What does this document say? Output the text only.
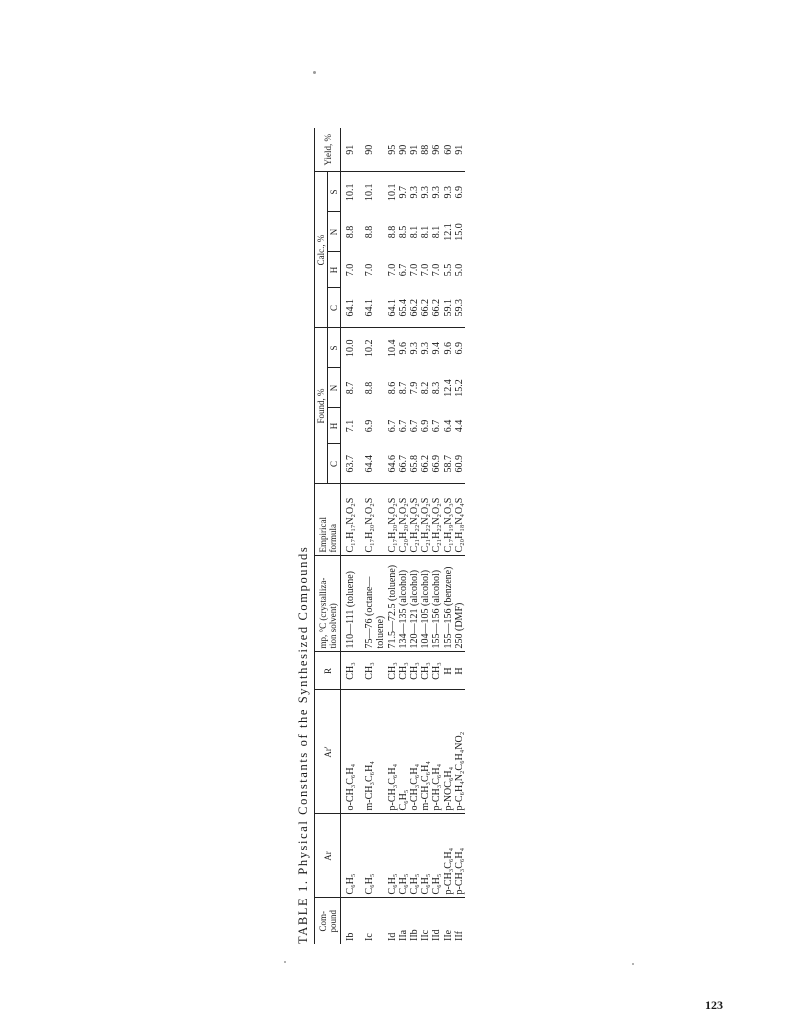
TABLE 1. Physical Constants of the Synthesized Compounds Com-
pound	Ar	Ar'	R	mp, °C (crystalliza-
tion solvent)	Empirical
formula	Found, %				Calc., %				Yield, %
						C	H	N	S	C	H	N	S	
Ib	C₆H₅	o-CH₃C₆H₄	CH₃	110—111 (toluene)	C₁₇H₁₇N₂O₂S	63.7	7.1	8.7	10.0	64.1	7.0	8.8	10.1	91
Ic	C₆H₅	m-CH₃C₆H₄	CH₃	75—76 (octane—
toluene)	C₁₇H₂₀N₂O₂S	64.4	6.9	8.8	10.2	64.1	7.0	8.8	10.1	90
Id	C₆H₅	p-CH₃C₆H₄	CH₃	71.5—72.5 (toluene)	C₁₇H₂₀N₂O₂S	64.6	6.7	8.6	10.4	64.1	7.0	8.8	10.1	95
IIa	C₆H₅	C₆H₅	CH₃	134—135 (alcohol)	C₂₀H₂₀N₂O₂S	66.7	6.7	8.7	9.6	65.4	6.7	8.5	9.7	90
IIb	C₆H₅	o-CH₃C₆H₄	CH₃	120—121 (alcohol)	C₂₁H₂₂N₂O₂S	65.8	6.7	7.9	9.3	66.2	7.0	8.1	9.3	91
IIc	C₆H₅	m-CH₃C₆H₄	CH₃	104—105 (alcohol)	C₂₁H₂₂N₂O₂S	66.2	6.9	8.2	9.3	66.2	7.0	8.1	9.3	88
IId	C₆H₅	p-CH₃C₆H₄	CH₃	155—156 (alcohol)	C₂₁H₂₂N₂O₂S	66.9	6.7	8.3	9.4	66.2	7.0	8.1	9.3	96
IIe	p-CH₃C₆H₄	p-NOC₆H₄	H	155—156 (benzene)	C₁₇H₁₉N₃O₃S	58.7	6.4	12.4	9.6	59.1	5.5	12.1	9.3	60
IIf	p-CH₃C₆H₄	p-C₆H₄N₂C₆H₄NO₂	H	250 (DMF)	C₂₀H₁₈N₄O₄S	60.9	4.4	15.2	6.9	59.3	5.0	15.0	6.9	91
123
